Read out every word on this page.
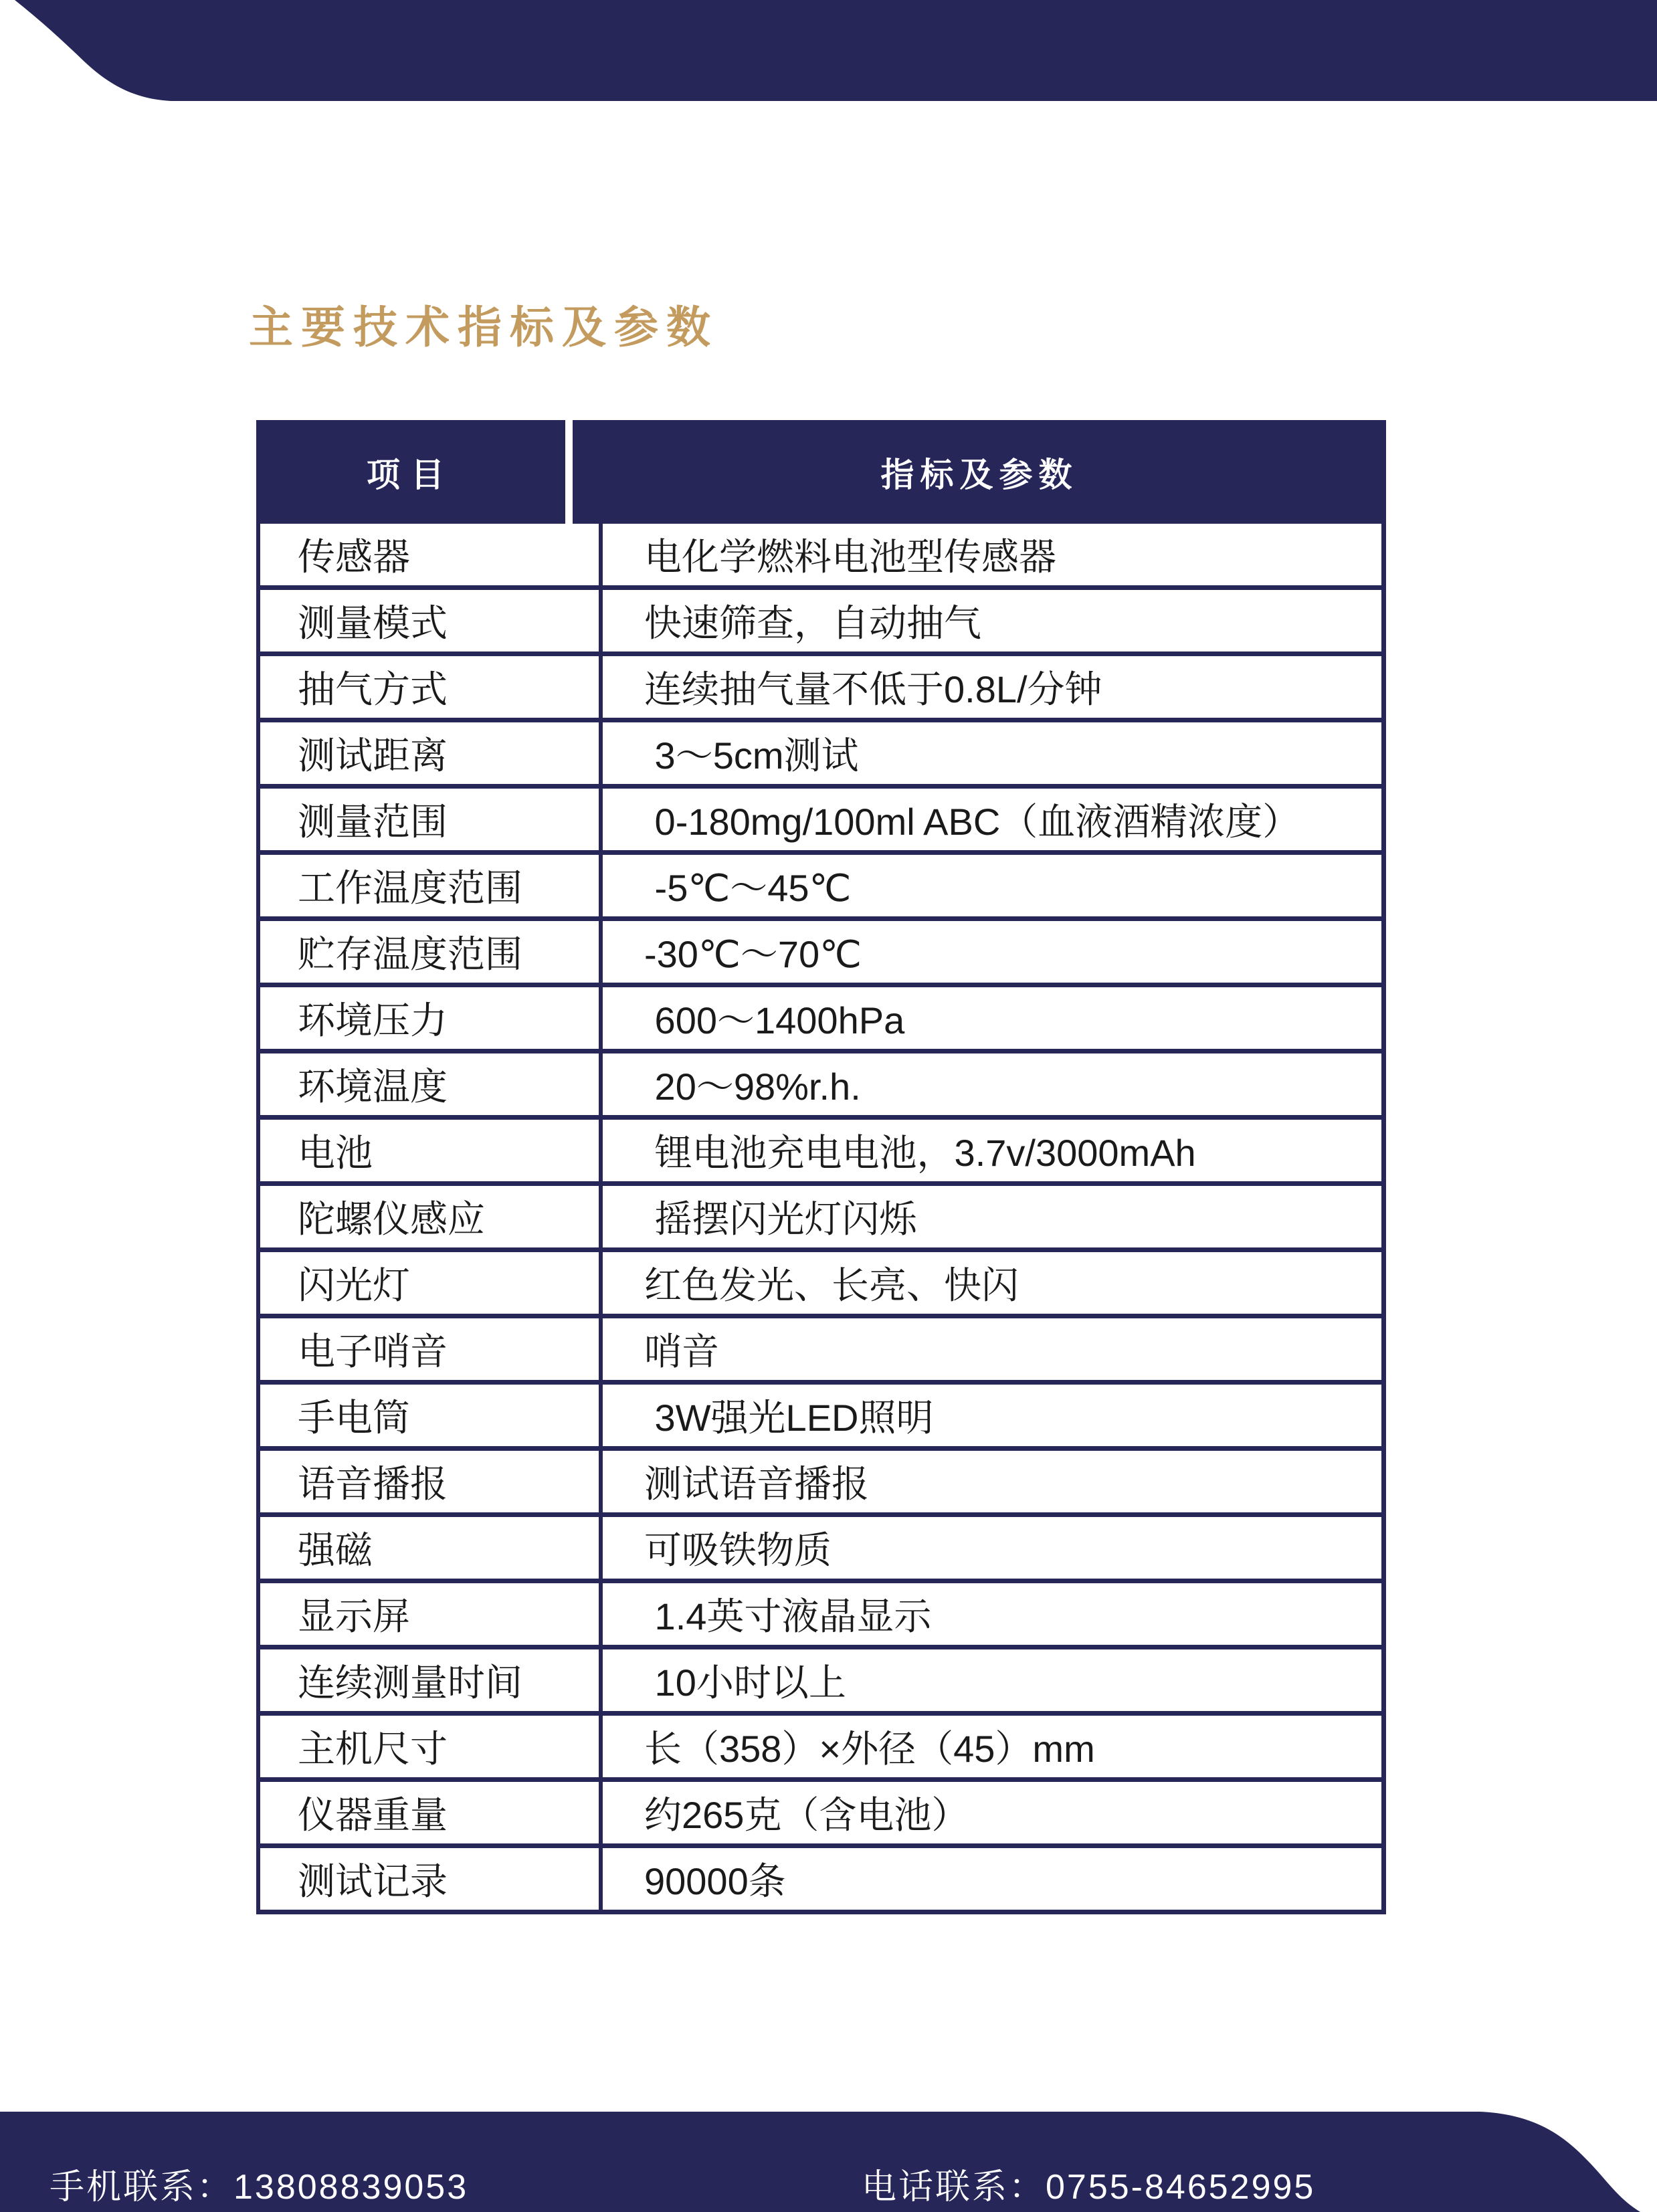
主要技术指标及参数
项目	指标及参数
传感器	电化学燃料电池型传感器
测量模式	快速筛查，自动抽气
抽气方式	连续抽气量不低于0.8L/分钟
测试距离	3～5cm测试
测量范围	0-180mg/100ml ABC（血液酒精浓度）
工作温度范围	-5℃～45℃
贮存温度范围	-30℃～70℃
环境压力	600～1400hPa
环境温度	20～98%r.h.
电池	锂电池充电电池，3.7v/3000mAh
陀螺仪感应	摇摆闪光灯闪烁
闪光灯	红色发光、长亮、快闪
电子哨音	哨音
手电筒	3W强光LED照明
语音播报	测试语音播报
强磁	可吸铁物质
显示屏	1.4英寸液晶显示
连续测量时间	10小时以上
主机尺寸	长（358）×外径（45）mm
仪器重量	约265克（含电池）
测试记录	90000条
手机联系：13808839053	电话联系：0755-84652995
